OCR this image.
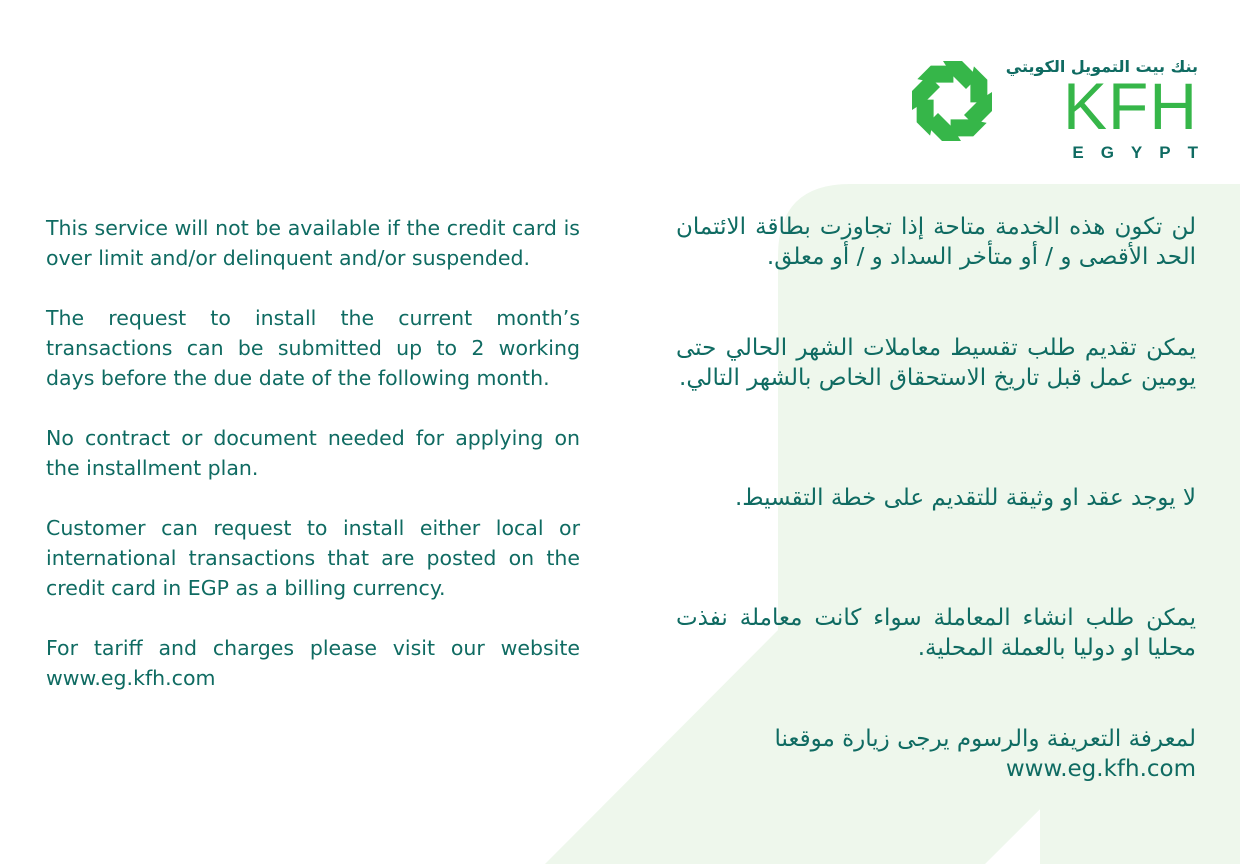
بنك بيت التمويل الكويتي
KFH
EGYPT

This service will not be available if the credit card is over limit and/or delinquent and/or suspended.

The request to install the current month’s transactions can be submitted up to 2 working days before the due date of the following month.

No contract or document needed for applying on the installment plan.

Customer can request to install either local or international transactions that are posted on the credit card in EGP as a billing currency.

For tariff and charges please visit our website www.eg.kfh.com

لن تكون هذه الخدمة متاحة إذا تجاوزت بطاقة الائتمان الحد الأقصى و / أو متأخر السداد و / أو معلق.

يمكن تقديم طلب تقسيط معاملات الشهر الحالي حتى يومين عمل قبل تاريخ الاستحقاق الخاص بالشهر التالي.

لا يوجد عقد او وثيقة للتقديم على خطة التقسيط.

يمكن طلب انشاء المعاملة سواء كانت معاملة نفذت محليا او دوليا بالعملة المحلية.

لمعرفة التعريفة والرسوم يرجى زيارة موقعنا

www.eg.kfh.com
